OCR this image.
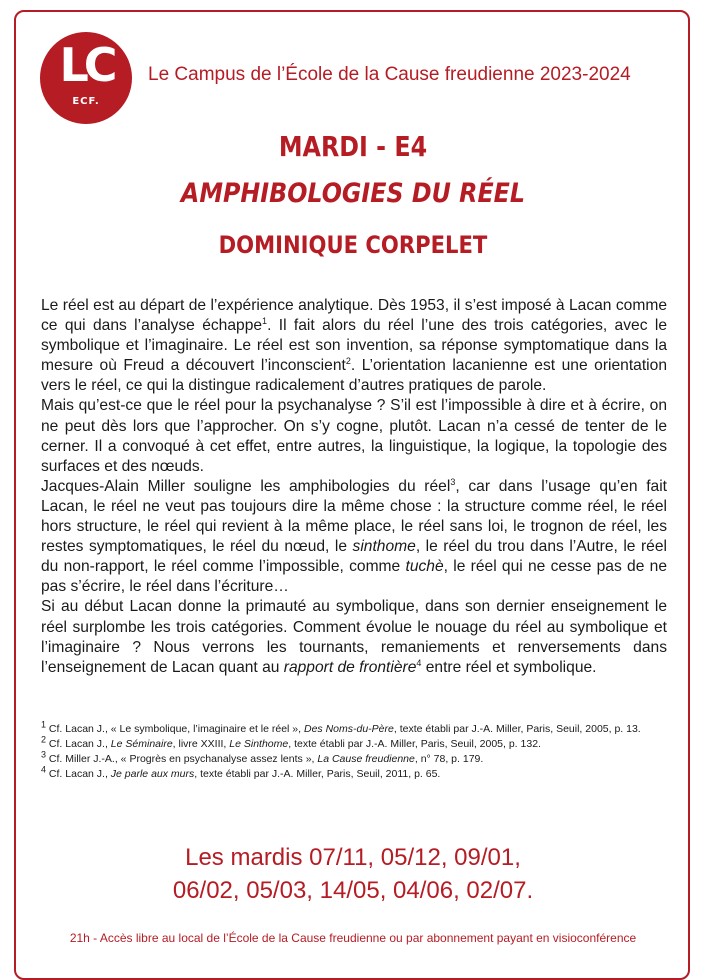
LC
ECF.
Le Campus de l’École de la Cause freudienne 2023-2024
MARDI - E4
AMPHIBOLOGIES DU RÉEL
DOMINIQUE CORPELET

Le réel est au départ de l’expérience analytique. Dès 1953, il s’est imposé à Lacan comme ce qui dans l’analyse échappe$^1$. Il fait alors du réel l’une des trois catégories, avec le symbolique et l’imaginaire. Le réel est son invention, sa réponse symptomatique dans la mesure où Freud a découvert l’inconscient$^2$. L’orientation lacanienne est une orientation vers le réel, ce qui la distingue radicalement d’autres pratiques de parole.

Mais qu’est-ce que le réel pour la psychanalyse ? S’il est l’impossible à dire et à écrire, on ne peut dès lors que l’approcher. On s’y cogne, plutôt. Lacan n’a cessé de tenter de le cerner. Il a convoqué à cet effet, entre autres, la linguistique, la logique, la topologie des surfaces et des nœuds.

Jacques-Alain Miller souligne les amphibologies du réel$^3$, car dans l’usage qu’en fait Lacan, le réel ne veut pas toujours dire la même chose : la structure comme réel, le réel hors structure, le réel qui revient à la même place, le réel sans loi, le trognon de réel, les restes symptomatiques, le réel du nœud, le sinthome, le réel du trou dans l’Autre, le réel du non-rapport, le réel comme l’impossible, comme tuchè, le réel qui ne cesse pas de ne pas s’écrire, le réel dans l’écriture…

Si au début Lacan donne la primauté au symbolique, dans son dernier enseignement le réel surplombe les trois catégories. Comment évolue le nouage du réel au symbolique et l’imaginaire ? Nous verrons les tournants, remaniements et renversements dans l’enseignement de Lacan quant au rapport de frontière$^4$ entre réel et symbolique.

$^1$ Cf. Lacan J., « Le symbolique, l’imaginaire et le réel », Des Noms-du-Père, texte établi par J.-A. Miller, Paris, Seuil, 2005, p. 13.

$^2$ Cf. Lacan J., Le Séminaire, livre XXIII, Le Sinthome, texte établi par J.-A. Miller, Paris, Seuil, 2005, p. 132.

$^3$ Cf. Miller J.-A., « Progrès en psychanalyse assez lents », La Cause freudienne, n° 78, p. 179.

$^4$ Cf. Lacan J., Je parle aux murs, texte établi par J.-A. Miller, Paris, Seuil, 2011, p. 65.

Les mardis 07/11, 05/12, 09/01,
06/02, 05/03, 14/05, 04/06, 02/07.
21h - Accès libre au local de l’École de la Cause freudienne ou par abonnement payant en visioconférence
